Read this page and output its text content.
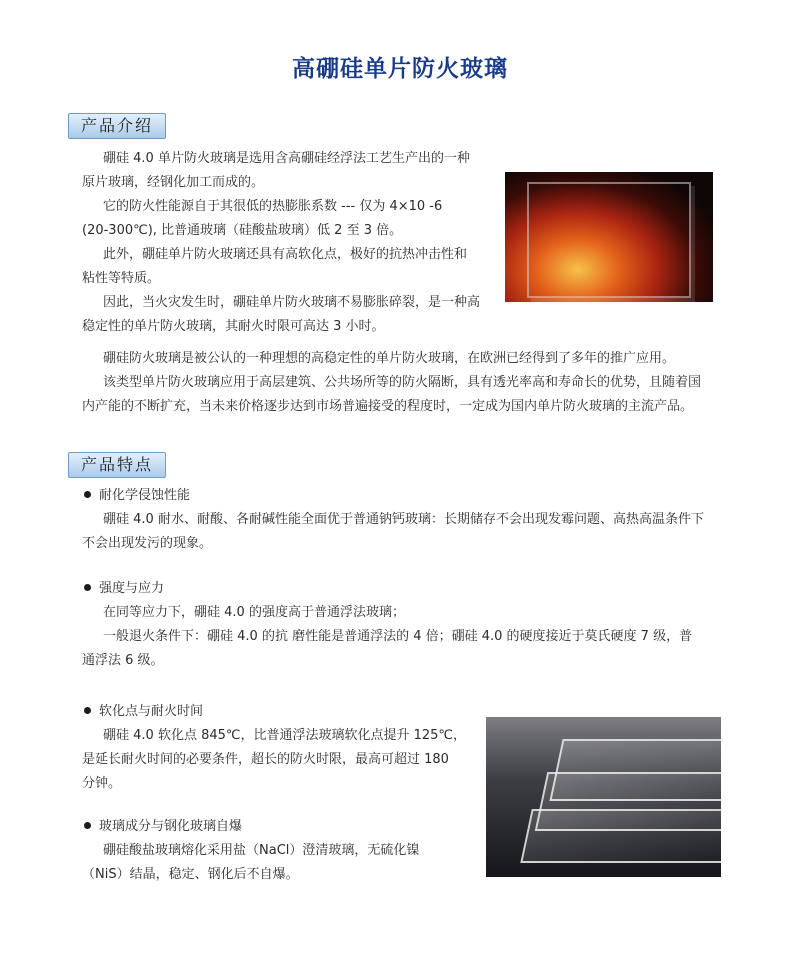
高硼硅单片防火玻璃
产品介绍
硼硅 4.0 单片防火玻璃是选用含高硼硅经浮法工艺生产出的一种
原片玻璃，经钢化加工而成的。
它的防火性能源自于其很低的热膨胀系数 --- 仅为 4×10 -6
(20-300℃), 比普通玻璃（硅酸盐玻璃）低 2 至 3 倍。
此外，硼硅单片防火玻璃还具有高软化点，极好的抗热冲击性和
粘性等特质。
因此，当火灾发生时，硼硅单片防火玻璃不易膨胀碎裂，是一种高
稳定性的单片防火玻璃，其耐火时限可高达 3 小时。
硼硅防火玻璃是被公认的一种理想的高稳定性的单片防火玻璃，在欧洲已经得到了多年的推广应用。
该类型单片防火玻璃应用于高层建筑、公共场所等的防火隔断，具有透光率高和寿命长的优势，且随着国
内产能的不断扩充，当未来价格逐步达到市场普遍接受的程度时，一定成为国内单片防火玻璃的主流产品。
产品特点
耐化学侵蚀性能
硼硅 4.0 耐水、耐酸、各耐碱性能全面优于普通钠钙玻璃：长期储存不会出现发霉问题、高热高温条件下
不会出现发污的现象。
强度与应力
在同等应力下，硼硅 4.0 的强度高于普通浮法玻璃；
一般退火条件下：硼硅 4.0 的抗 磨性能是普通浮法的 4 倍；硼硅 4.0 的硬度接近于莫氏硬度 7 级，普
通浮法 6 级。
软化点与耐火时间
硼硅 4.0 软化点 845℃，比普通浮法玻璃软化点提升 125℃，
是延长耐火时间的必要条件，超长的防火时限，最高可超过 180
分钟。
玻璃成分与钢化玻璃自爆
硼硅酸盐玻璃熔化采用盐（NaCl）澄清玻璃，无硫化镍
（NiS）结晶，稳定、钢化后不自爆。
